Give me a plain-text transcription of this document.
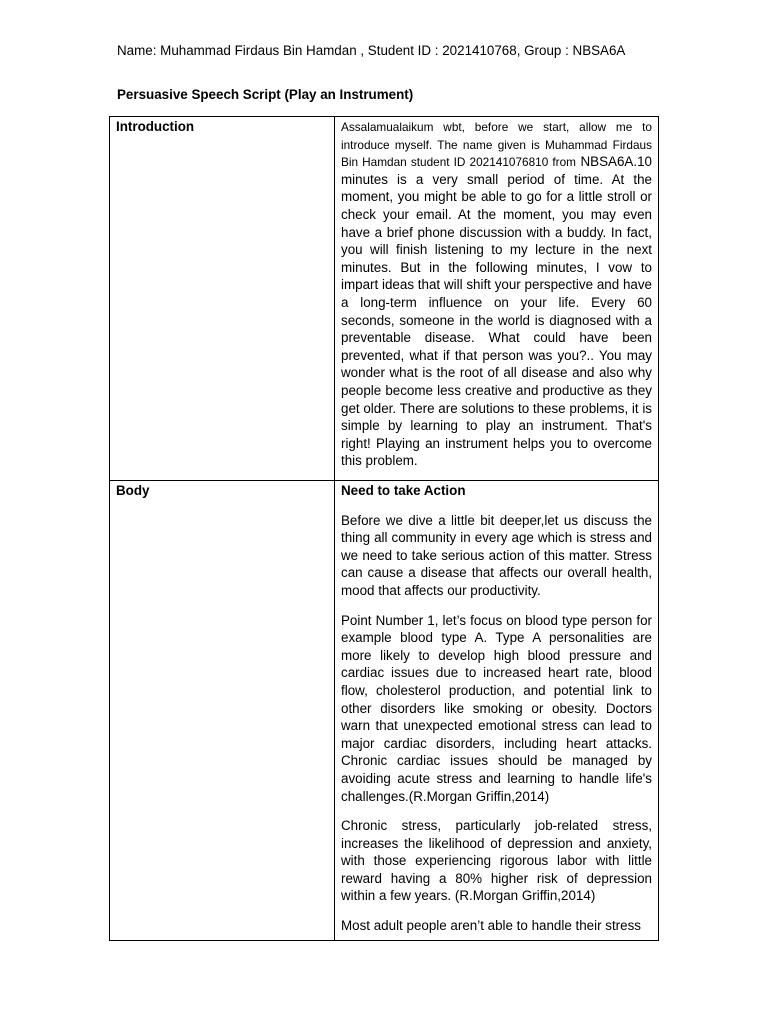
Name: Muhammad Firdaus Bin Hamdan , Student ID : 2021410768, Group : NBSA6A
Persuasive Speech Script (Play an Instrument)
Introduction	Assalamualaikum wbt, before we start, allow me to introduce myself. The name given is Muhammad Firdaus Bin Hamdan student ID 202141076810 from NBSA6A.10 minutes is a very small period of time. At the moment, you might be able to go for a little stroll or check your email. At the moment, you may even have a brief phone discussion with a buddy. In fact, you will finish listening to my lecture in the next minutes. But in the following minutes, I vow to impart ideas that will shift your perspective and have a long-term influence on your life. Every 60 seconds, someone in the world is diagnosed with a preventable disease. What could have been prevented, what if that person was you?.. You may wonder what is the root of all disease and also why people become less creative and productive as they get older. There are solutions to these problems, it is simple by learning to play an instrument. That's right! Playing an instrument helps you to overcome this problem.
Body	Need to take Action

Before we dive a little bit deeper,let us discuss the thing all community in every age which is stress and we need to take serious action of this matter. Stress can cause a disease that affects our overall health, mood that affects our productivity.

Point Number 1, let’s focus on blood type person for example blood type A. Type A personalities are more likely to develop high blood pressure and cardiac issues due to increased heart rate, blood flow, cholesterol production, and potential link to other disorders like smoking or obesity. Doctors warn that unexpected emotional stress can lead to major cardiac disorders, including heart attacks. Chronic cardiac issues should be managed by avoiding acute stress and learning to handle life's challenges.(R.Morgan Griffin,2014)

Chronic stress, particularly job-related stress, increases the likelihood of depression and anxiety, with those experiencing rigorous labor with little reward having a 80% higher risk of depression within a few years. (R.Morgan Griffin,2014)

Most adult people aren’t able to handle their stress
